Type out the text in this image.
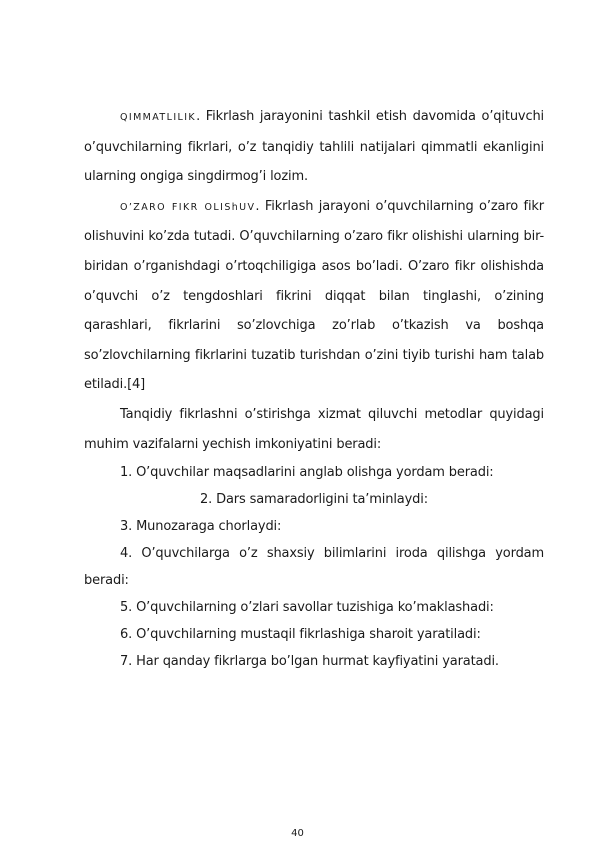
QIMMATLILIK. Fikrlash jarayonini tashkil etish davomida o’qituvchi o’quvchilarning fikrlari, o’z tanqidiy tahlili natijalari qimmatli ekanligini ularning ongiga singdirmog’i lozim.

O’ZARO FIKR OLIShUV. Fikrlash jarayoni o’quvchilarning o’zaro fikr olishuvini ko’zda tutadi. O’quvchilarning o’zaro fikr olishishi ularning bir-biridan o’rganishdagi o’rtoqchiligiga asos bo’ladi. O’zaro fikr olishishda o’quvchi o’z tengdoshlari fikrini diqqat bilan tinglashi, o’zining qarashlari, fikrlarini so’zlovchiga zo’rlab o’tkazish va boshqa so’zlovchilarning fikrlarini tuzatib turishdan o’zini tiyib turishi ham talab etiladi.[4]

Tanqidiy fikrlashni o’stirishga xizmat qiluvchi metodlar quyidagi muhim vazifalarni yechish imkoniyatini beradi:

1. O’quvchilar maqsadlarini anglab olishga yordam beradi:

2. Dars samaradorligini ta’minlaydi:

3. Munozaraga chorlaydi:

4. O’quvchilarga o’z shaxsiy bilimlarini iroda qilishga yordam beradi:

5. O’quvchilarning o’zlari savollar tuzishiga ko’maklashadi:

6. O’quvchilarning mustaqil fikrlashiga sharoit yaratiladi:

7. Har qanday fikrlarga bo’lgan hurmat kayfiyatini yaratadi.

40
